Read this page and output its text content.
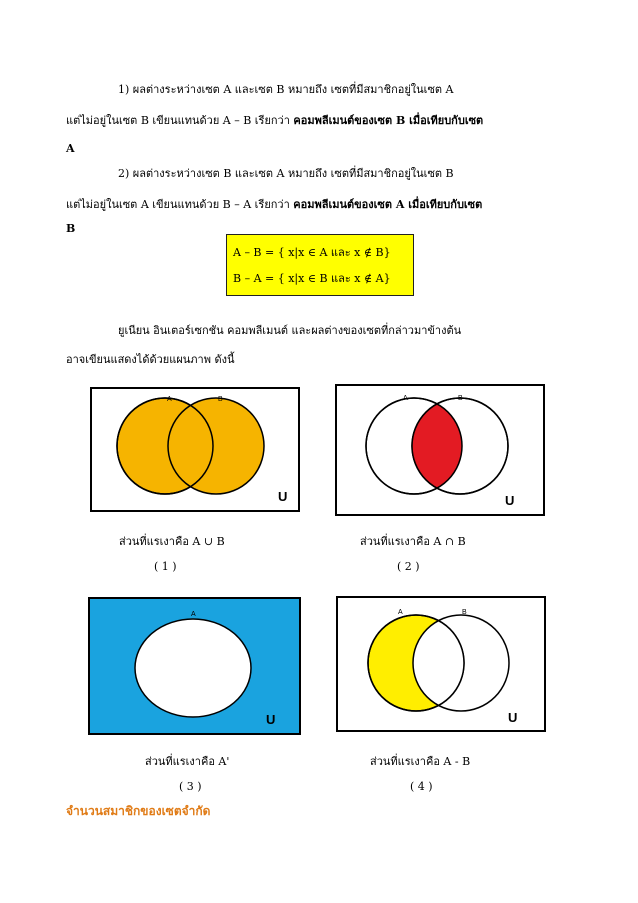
1) ผลต่างระหว่างเซต A และเซต B หมายถึง เซตที่มีสมาชิกอยู่ในเซต A
แต่ไม่อยู่ในเซต B เขียนแทนด้วย A – B เรียกว่า คอมพลีเมนต์ของเซต B เมื่อเทียบกับเซต
A
2) ผลต่างระหว่างเซต B และเซต A หมายถึง เซตที่มีสมาชิกอยู่ในเซต B
แต่ไม่อยู่ในเซต A เขียนแทนด้วย B – A เรียกว่า คอมพลีเมนต์ของเซต A เมื่อเทียบกับเซต
B
A – B = { x|x ∈ A และ x ∉ B}
B – A = { x|x ∈ B และ x ∉ A}
ยูเนียน อินเตอร์เซกชัน คอมพลีเมนต์ และผลต่างของเซตที่กล่าวมาข้างต้น
อาจเขียนแสดงได้ด้วยแผนภาพ ดังนี้
A	B
U
A	B
U
ส่วนที่แรเงาคือ A ∪ B	ส่วนที่แรเงาคือ A ∩ B
( 1 )	( 2 )
A
U
A	B
U
ส่วนที่แรเงาคือ A'	ส่วนที่แรเงาคือ A - B
( 3 )	( 4 )
จำนวนสมาชิกของเซตจำกัด
